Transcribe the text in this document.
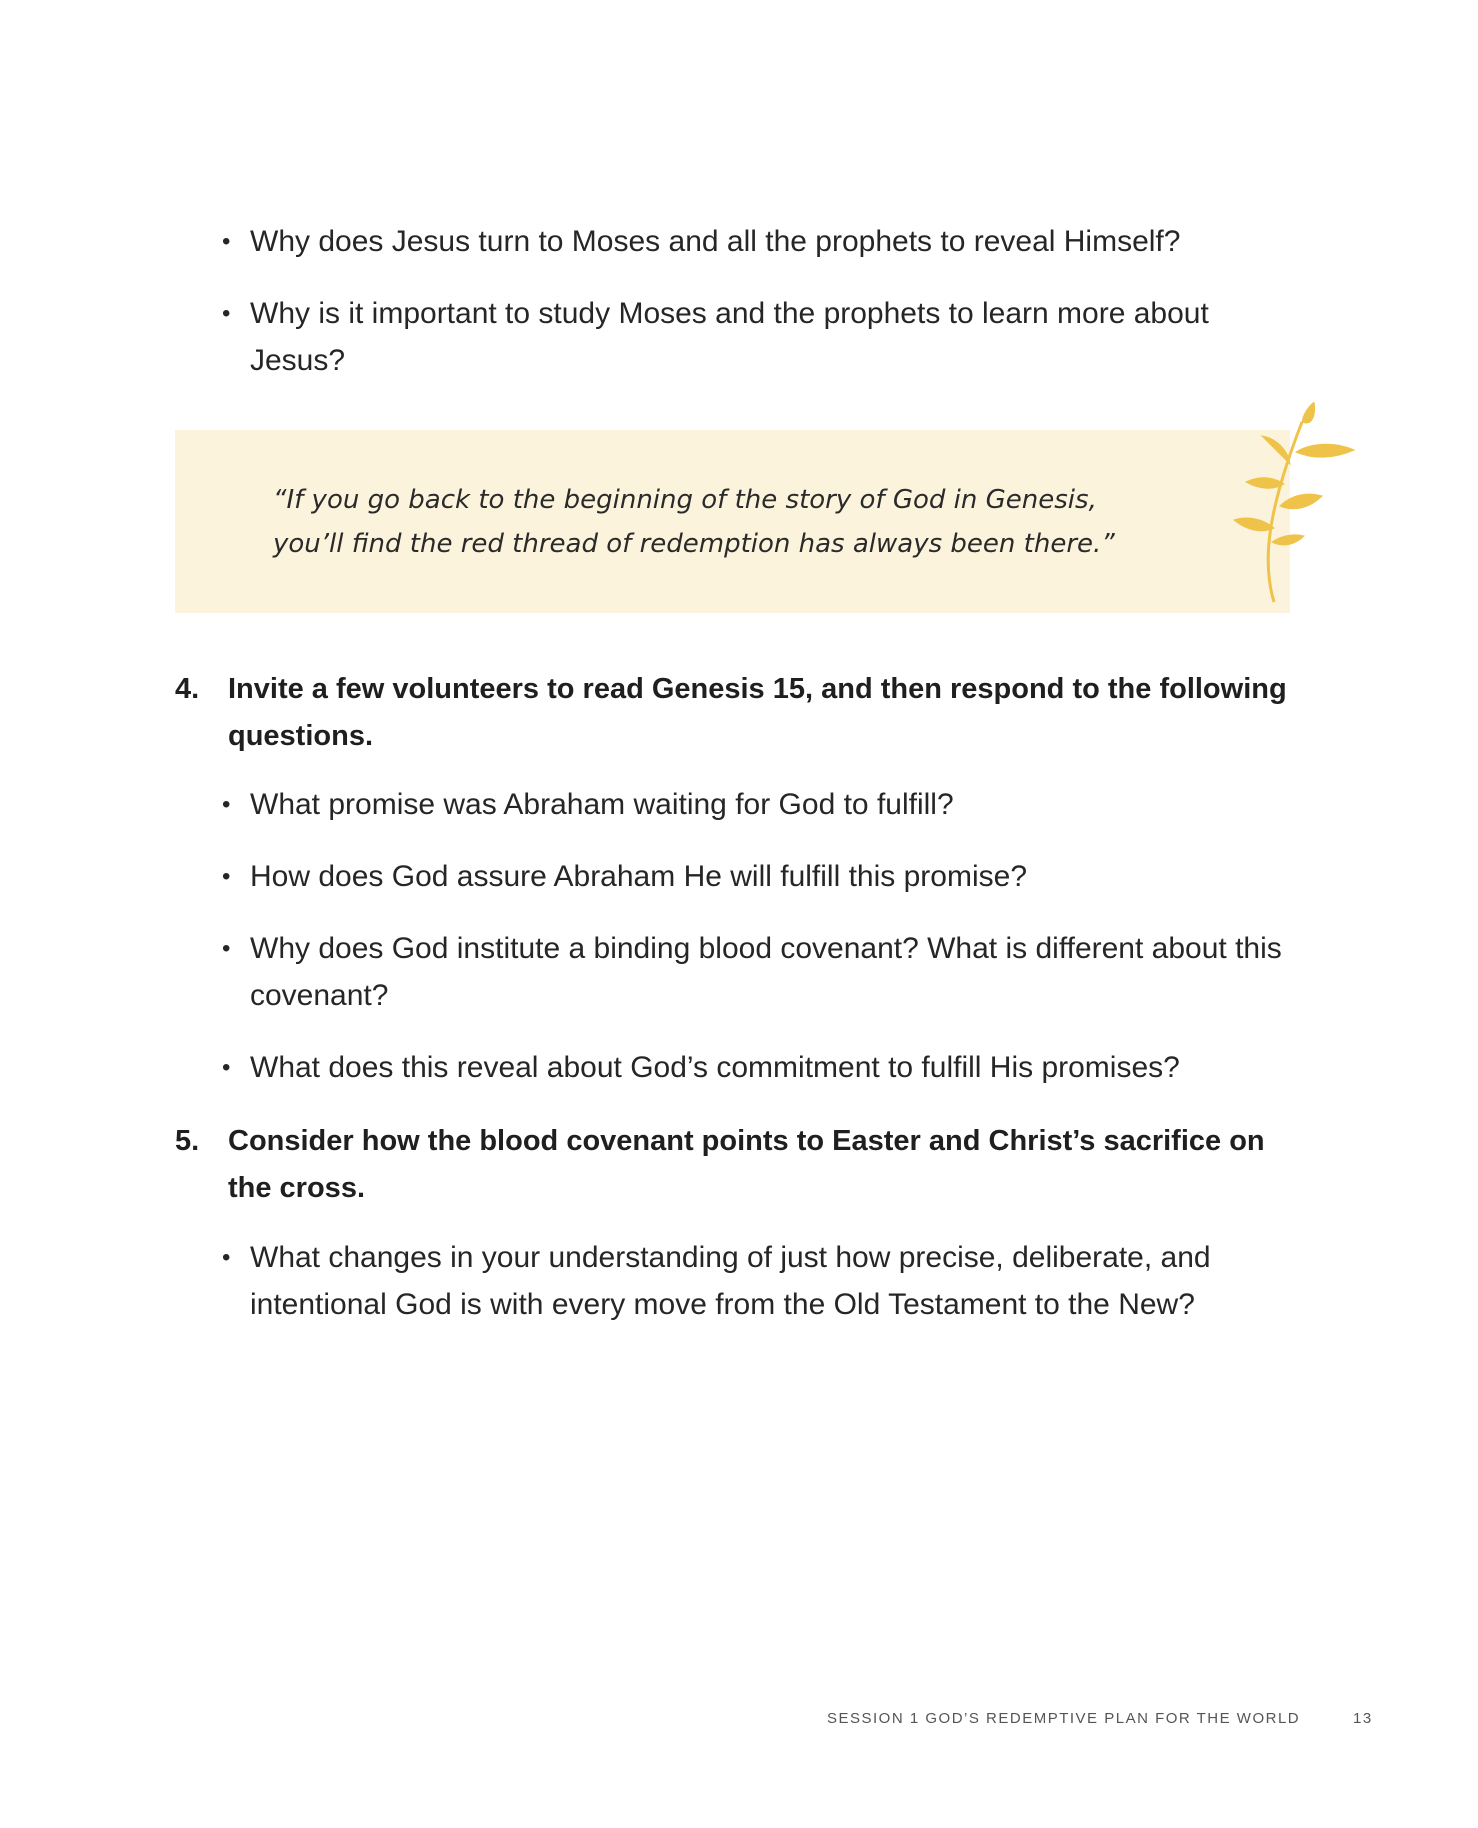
• Why does Jesus turn to Moses and all the prophets to reveal Himself?
• Why is it important to study Moses and the prophets to learn more about Jesus?

“If you go back to the beginning of the story of God in Genesis, you’ll find the red thread of redemption has always been there.”

4. Invite a few volunteers to read Genesis 15, and then respond to the following questions.
• What promise was Abraham waiting for God to fulfill?
• How does God assure Abraham He will fulfill this promise?
• Why does God institute a binding blood covenant? What is different about this covenant?
• What does this reveal about God’s commitment to fulfill His promises?
5. Consider how the blood covenant points to Easter and Christ’s sacrifice on the cross.
• What changes in your understanding of just how precise, deliberate, and intentional God is with every move from the Old Testament to the New?
SESSION 1 GOD’S REDEMPTIVE PLAN FOR THE WORLD	13
